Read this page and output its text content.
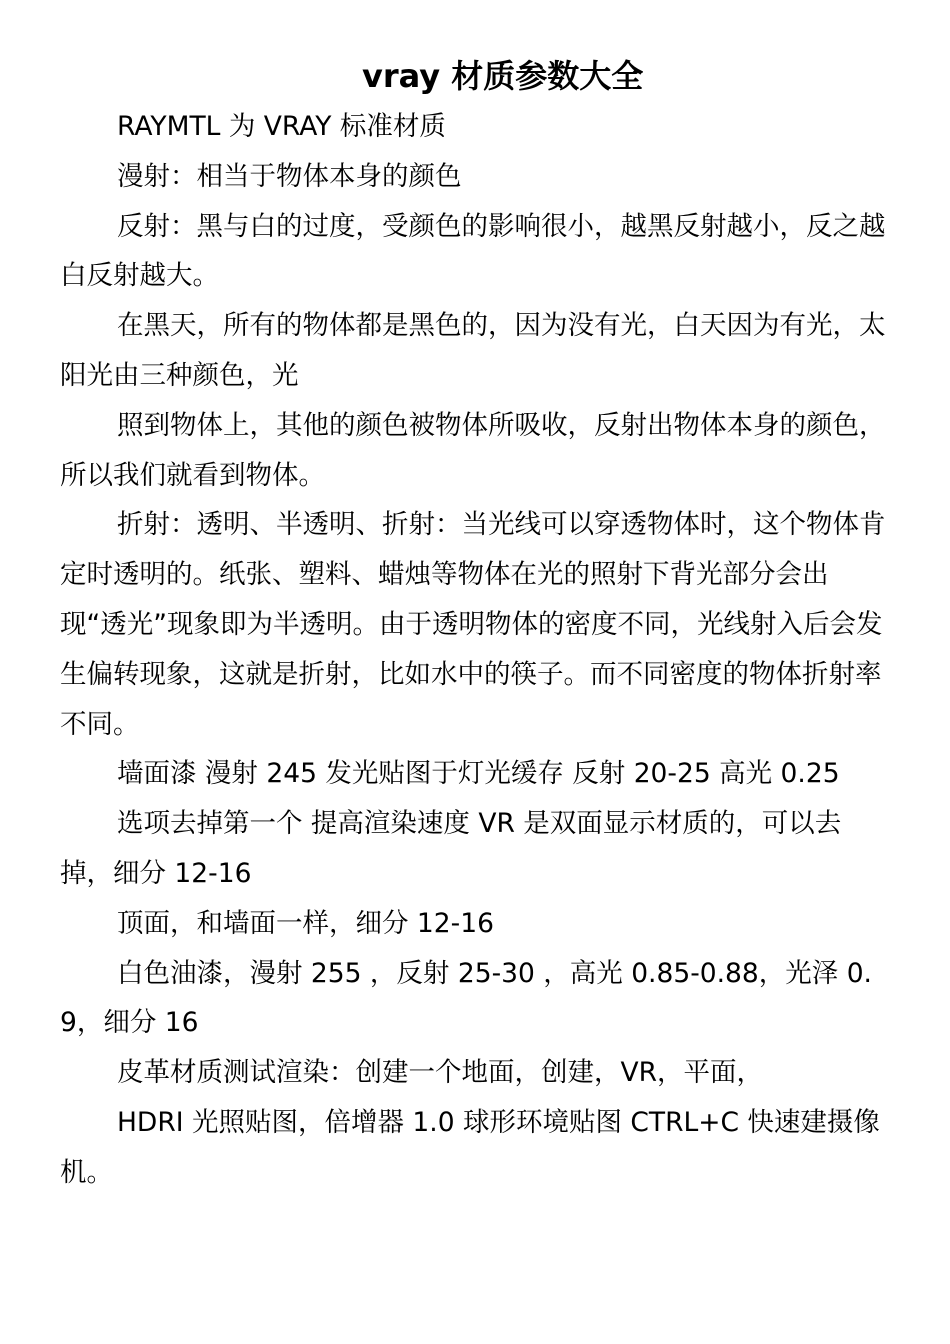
vray 材质参数大全

RAYMTL 为 VRAY 标准材质

漫射：相当于物体本身的颜色

反射：黑与白的过度，受颜色的影响很小，越黑反射越小，反之越白反射越大。

在黑天，所有的物体都是黑色的，因为没有光，白天因为有光，太阳光由三种颜色，光

照到物体上，其他的颜色被物体所吸收，反射出物体本身的颜色，所以我们就看到物体。

折射：透明、半透明、折射：当光线可以穿透物体时，这个物体肯定时透明的。纸张、塑料、蜡烛等物体在光的照射下背光部分会出现“透光”现象即为半透明。由于透明物体的密度不同，光线射入后会发生偏转现象，这就是折射，比如水中的筷子。而不同密度的物体折射率不同。

墙面漆 漫射 245 发光贴图于灯光缓存 反射 20-25 高光 0.25

选项去掉第一个 提高渲染速度 VR 是双面显示材质的，可以去掉，细分 12-16

顶面，和墙面一样，细分 12-16

白色油漆，漫射 255 ，反射 25-30 ，高光 0.85-0.88，光泽 0.9，细分 16

皮革材质测试渲染：创建一个地面，创建，VR，平面，

HDRI 光照贴图，倍增器 1.0 球形环境贴图 CTRL+C 快速建摄像机。
